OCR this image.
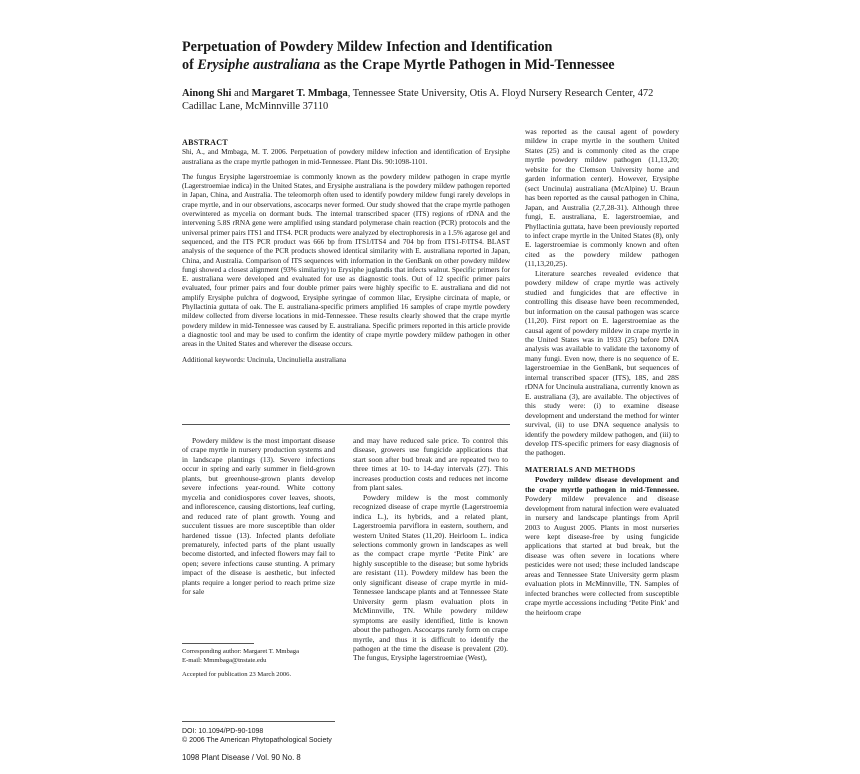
Perpetuation of Powdery Mildew Infection and Identification
of Erysiphe australiana as the Crape Myrtle Pathogen in Mid-Tennessee
Ainong Shi and Margaret T. Mmbaga, Tennessee State University, Otis A. Floyd Nursery Research Center, 472
Cadillac Lane, McMinnville 37110

ABSTRACT

Shi, A., and Mmbaga, M. T. 2006. Perpetuation of powdery mildew infection and identification of Erysiphe australiana as the crape myrtle pathogen in mid-Tennessee. Plant Dis. 90:1098-1101.

The fungus Erysiphe lagerstroemiae is commonly known as the powdery mildew pathogen in crape myrtle (Lagerstroemiae indica) in the United States, and Erysiphe australiana is the powdery mildew pathogen reported in Japan, China, and Australia. The teleomorph often used to identify powdery mildew fungi rarely develops in crape myrtle, and in our observations, ascocarps never formed. Our study showed that the crape myrtle pathogen overwintered as mycelia on dormant buds. The internal transcribed spacer (ITS) regions of rDNA and the intervening 5.8S rRNA gene were amplified using standard polymerase chain reaction (PCR) protocols and the universal primer pairs ITS1 and ITS4. PCR products were analyzed by electrophoresis in a 1.5% agarose gel and sequenced, and the ITS PCR product was 666 bp from ITS1/ITS4 and 704 bp from ITS1-F/ITS4. BLAST analysis of the sequence of the PCR products showed identical similarity with E. australiana reported in Japan, China, and Australia. Comparison of ITS sequences with information in the GenBank on other powdery mildew fungi showed a closest alignment (93% similarity) to Erysiphe juglandis that infects walnut. Specific primers for E. australiana were developed and evaluated for use as diagnostic tools. Out of 12 specific primer pairs evaluated, four primer pairs and four double primer pairs were highly specific to E. australiana and did not amplify Erysiphe pulchra of dogwood, Erysiphe syringae of common lilac, Erysiphe circinata of maple, or Phyllactinia guttata of oak. The E. australiana-specific primers amplified 16 samples of crape myrtle powdery mildew collected from diverse locations in mid-Tennessee. These results clearly showed that the crape myrtle powdery mildew in mid-Tennessee was caused by E. australiana. Specific primers reported in this article provide a diagnostic tool and may be used to confirm the identity of crape myrtle powdery mildew pathogen in other areas in the United States and wherever the disease occurs.

Additional keywords: Uncinula, Uncinuliella australiana

was reported as the causal agent of powdery mildew in crape myrtle in the southern United States (25) and is commonly cited as the crape myrtle powdery mildew pathogen (11,13,20; website for the Clemson University home and garden information center). However, Erysiphe (sect Uncinula) australiana (McAlpine) U. Braun has been reported as the causal pathogen in China, Japan, and Australia (2,7,28-31). Although three fungi, E. australiana, E. lagerstroemiae, and Phyllactinia guttata, have been previously reported to infect crape myrtle in the United States (8), only E. lagerstroemiae is commonly known and often cited as the powdery mildew pathogen (11,13,20,25).

Literature searches revealed evidence that powdery mildew of crape myrtle was actively studied and fungicides that are effective in controlling this disease have been recommended, but information on the causal pathogen was scarce (11,20). First report on E. lagerstroemiae as the causal agent of powdery mildew in crape myrtle in the United States was in 1933 (25) before DNA analysis was available to validate the taxonomy of many fungi. Even now, there is no sequence of E. lagerstroemiae in the GenBank, but sequences of internal transcribed spacer (ITS), 18S, and 28S rDNA for Uncinula australiana, currently known as E. australiana (3), are available. The objectives of this study were: (i) to examine disease development and understand the method for winter survival, (ii) to use DNA sequence analysis to identify the powdery mildew pathogen, and (iii) to develop ITS-specific primers for easy diagnosis of the pathogen.

MATERIALS AND METHODS

Powdery mildew disease development and the crape myrtle pathogen in mid-Tennessee. Powdery mildew prevalence and disease development from natural infection were evaluated in nursery and landscape plantings from April 2003 to August 2005. Plants in most nurseries were kept disease-free by using fungicide applications that started at bud break, but the disease was often severe in locations where pesticides were not used; these included landscape areas and Tennessee State University germ plasm evaluation plots in McMinnville, TN. Samples of infected branches were collected from susceptible crape myrtle accessions including ‘Petite Pink’ and the heirloom crape

Powdery mildew is the most important disease of crape myrtle in nursery production systems and in landscape plantings (13). Severe infections occur in spring and early summer in field-grown plants, but greenhouse-grown plants develop severe infections year-round. White cottony mycelia and conidiospores cover leaves, shoots, and inflorescence, causing distortions, leaf curling, and reduced rate of plant growth. Young and succulent tissues are more susceptible than older hardened tissue (13). Infected plants defoliate prematurely, infected parts of the plant usually become distorted, and infected flowers may fail to open; severe infections cause stunting. A primary impact of the disease is aesthetic, but infected plants require a longer period to reach prime size for sale

Corresponding author: Margaret T. Mmbaga

E-mail: Mmmbaga@tnstate.edu

Accepted for publication 23 March 2006.

DOI: 10.1094/PD-90-1098
© 2006 The American Phytopathological Society

and may have reduced sale price. To control this disease, growers use fungicide applications that start soon after bud break and are repeated two to three times at 10- to 14-day intervals (27). This increases production costs and reduces net income from plant sales.

Powdery mildew is the most commonly recognized disease of crape myrtle (Lagerstroemia indica L.), its hybrids, and a related plant, Lagerstroemia parviflora in eastern, southern, and western United States (11,20). Heirloom L. indica selections commonly grown in landscapes as well as the compact crape myrtle ‘Petite Pink’ are highly susceptible to the disease; but some hybrids are resistant (11). Powdery mildew has been the only significant disease of crape myrtle in mid-Tennessee landscape plants and at Tennessee State University germ plasm evaluation plots in McMinnville, TN. While powdery mildew symptoms are easily identified, little is known about the pathogen. Ascocarps rarely form on crape myrtle, and thus it is difficult to identify the pathogen at the time the disease is prevalent (20). The fungus, Erysiphe lagerstroemiae (West),

1098 Plant Disease / Vol. 90 No. 8
